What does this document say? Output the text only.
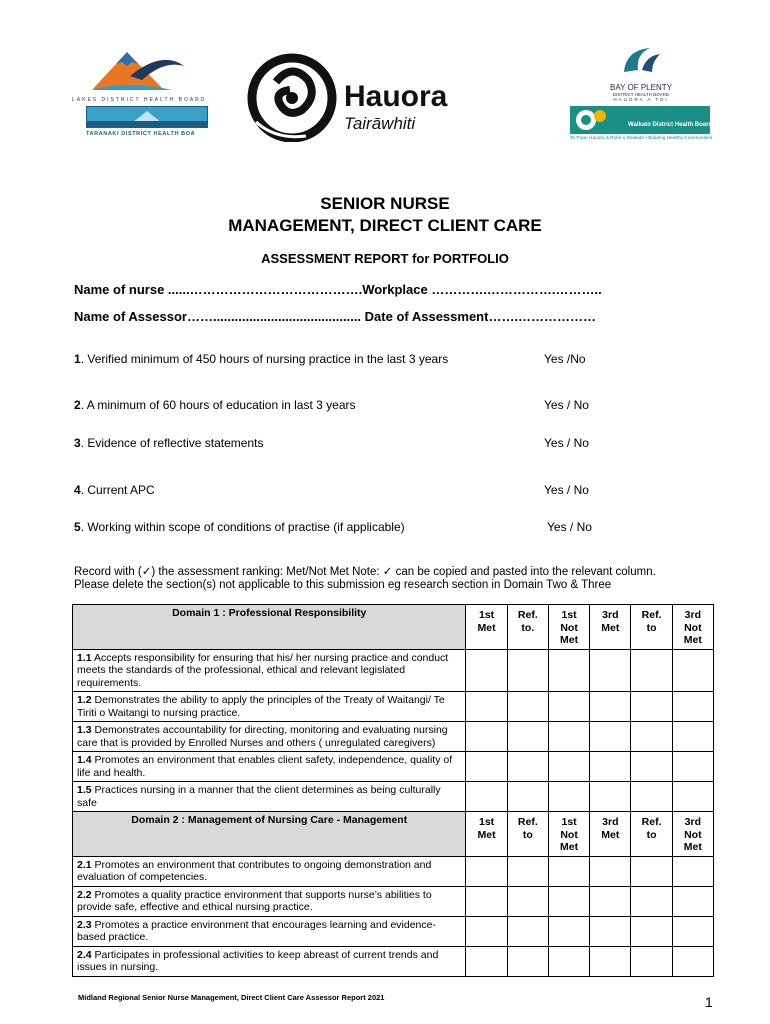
LAKES DISTRICT HEALTH BOARD
TARANAKI DISTRICT HEALTH BOA
Hauora
Tairāwhiti
BAY OF PLENTY
DISTRICT HEALTH BOARD
HAUORA A TOI
Waikato District Health Board
Te Poari Hauora ā Rohe o Waikato • Building Healthy Communities
SENIOR NURSE
MANAGEMENT, DIRECT CLIENT CARE
ASSESSMENT REPORT for PORTFOLIO
Name of nurse ......………………………………….Workplace ………….…………….………..
Name of Assessor……......................................... Date of Assessment…….………………
1. Verified minimum of 450 hours of nursing practice in the last 3 years	Yes /No
2. A minimum of 60 hours of education in last 3 years	Yes / No
3. Evidence of reflective statements	Yes / No
4. Current APC	Yes / No
5. Working within scope of conditions of practise (if applicable)	Yes / No
Record with (✓) the assessment ranking: Met/Not Met Note: ✓ can be copied and pasted into the relevant column.
Please delete the section(s) not applicable to this submission eg research section in Domain Two & Three
Domain 1 : Professional Responsibility	1st Met	Ref. to.	1st Not Met	3rd Met	Ref. to	3rd Not Met
1.1 Accepts responsibility for ensuring that his/ her nursing practice and conduct meets the standards of the professional, ethical and relevant legislated requirements.						
1.2 Demonstrates the ability to apply the principles of the Treaty of Waitangi/ Te Tiriti o Waitangi to nursing practice.						
1.3 Demonstrates accountability for directing, monitoring and evaluating nursing care that is provided by Enrolled Nurses and others ( unregulated caregivers)						
1.4 Promotes an environment that enables client safety, independence, quality of life and health.						
1.5 Practices nursing in a manner that the client determines as being culturally safe						
Domain 2 : Management of Nursing Care - Management	1st Met	Ref. to	1st Not Met	3rd Met	Ref. to	3rd Not Met
2.1 Promotes an environment that contributes to ongoing demonstration and evaluation of competencies.						
2.2 Promotes a quality practice environment that supports nurse’s abilities to provide safe, effective and ethical nursing practice.						
2.3 Promotes a practice environment that encourages learning and evidence-based practice.						
2.4 Participates in professional activities to keep abreast of current trends and issues in nursing.						
Midland Regional Senior Nurse Management, Direct Client Care Assessor Report 2021	1
